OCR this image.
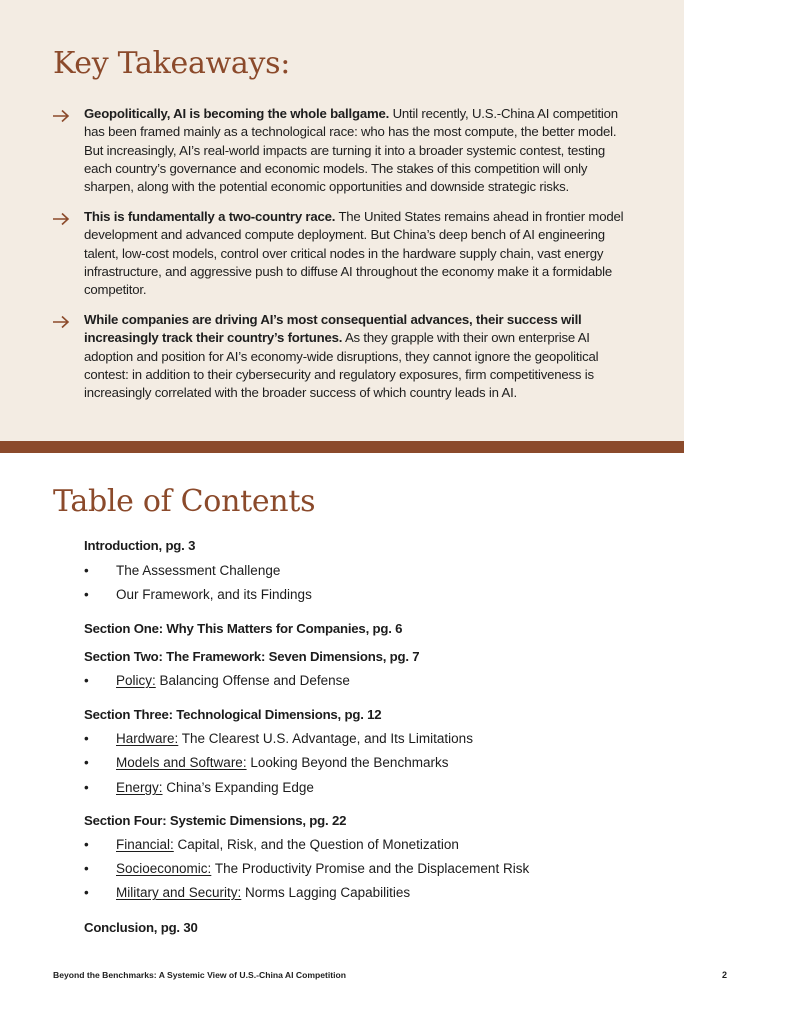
Key Takeaways:
Geopolitically, AI is becoming the whole ballgame. Until recently, U.S.-China AI competition has been framed mainly as a technological race: who has the most compute, the better model. But increasingly, AI’s real-world impacts are turning it into a broader systemic contest, testing each country’s governance and economic models. The stakes of this competition will only sharpen, along with the potential economic opportunities and downside strategic risks.
This is fundamentally a two-country race. The United States remains ahead in frontier model development and advanced compute deployment. But China’s deep bench of AI engineering talent, low-cost models, control over critical nodes in the hardware supply chain, vast energy infrastructure, and aggressive push to diffuse AI throughout the economy make it a formidable competitor.
While companies are driving AI’s most consequential advances, their success will increasingly track their country’s fortunes. As they grapple with their own enterprise AI adoption and position for AI’s economy-wide disruptions, they cannot ignore the geopolitical contest: in addition to their cybersecurity and regulatory exposures, firm competitiveness is increasingly correlated with the broader success of which country leads in AI.
Table of Contents
Introduction, pg. 3
• The Assessment Challenge
• Our Framework, and its Findings
Section One: Why This Matters for Companies, pg. 6
Section Two: The Framework: Seven Dimensions, pg. 7
• Policy: Balancing Offense and Defense
Section Three: Technological Dimensions, pg. 12
• Hardware: The Clearest U.S. Advantage, and Its Limitations
• Models and Software: Looking Beyond the Benchmarks
• Energy: China’s Expanding Edge
Section Four: Systemic Dimensions, pg. 22
• Financial: Capital, Risk, and the Question of Monetization
• Socioeconomic: The Productivity Promise and the Displacement Risk
• Military and Security: Norms Lagging Capabilities
Conclusion, pg. 30
Beyond the Benchmarks: A Systemic View of U.S.-China AI Competition	2
